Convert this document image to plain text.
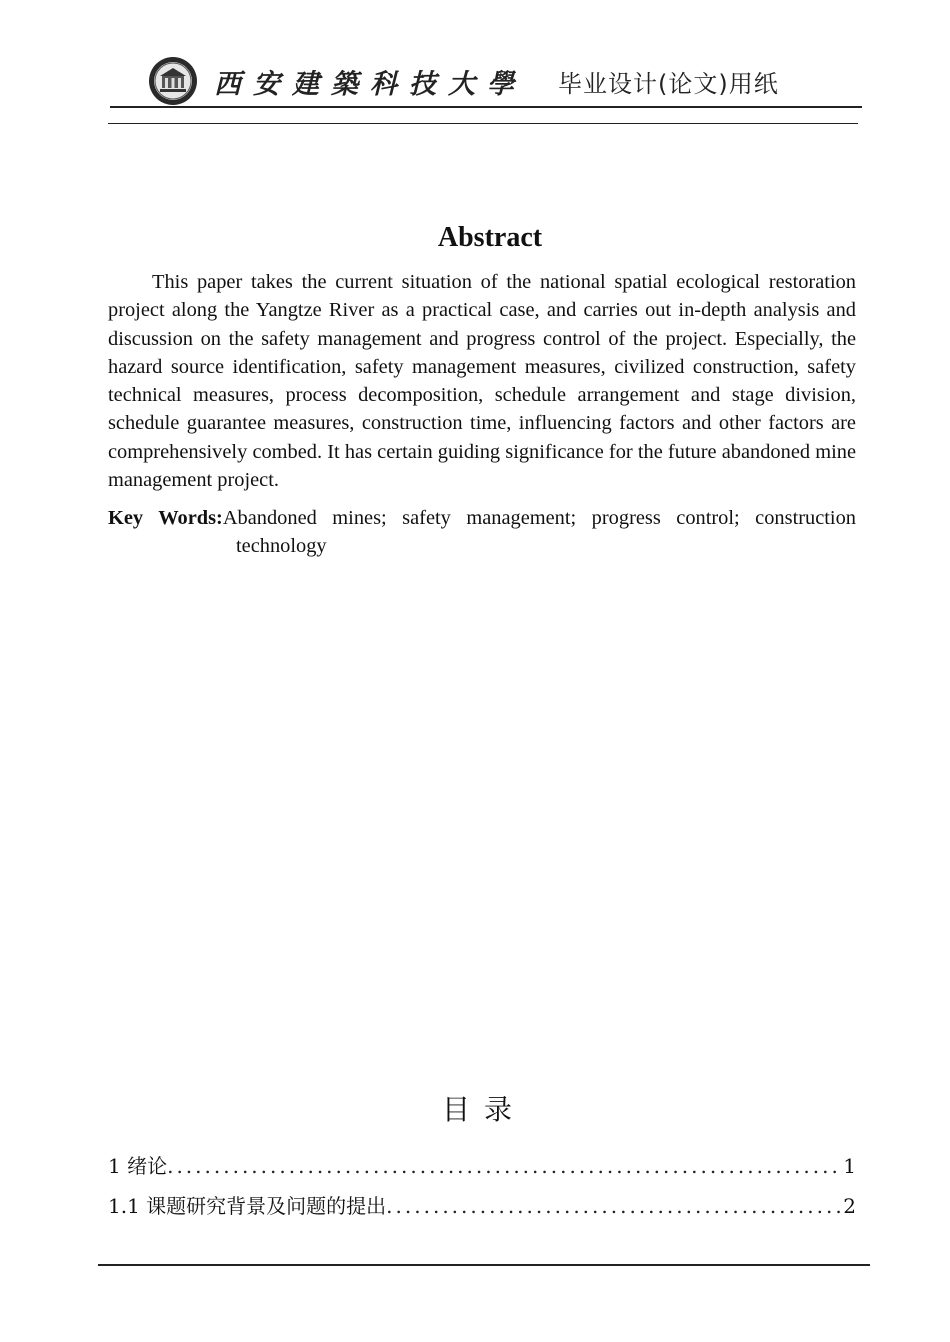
西安建築科技大學 毕业设计(论文)用纸
Abstract

This paper takes the current situation of the national spatial ecological restoration project along the Yangtze River as a practical case, and carries out in-depth analysis and discussion on the safety management and progress control of the project. Especially, the hazard source identification, safety management measures, civilized construction, safety technical measures, process decomposition, schedule arrangement and stage division, schedule guarantee measures, construction time, influencing factors and other factors are comprehensively combed. It has certain guiding significance for the future abandoned mine management project.

Key Words:Abandoned mines; safety management; progress control; construction technology
目录
1 绪论 .....	1
1.1 课题研究背景及问题的提出 .....	2
